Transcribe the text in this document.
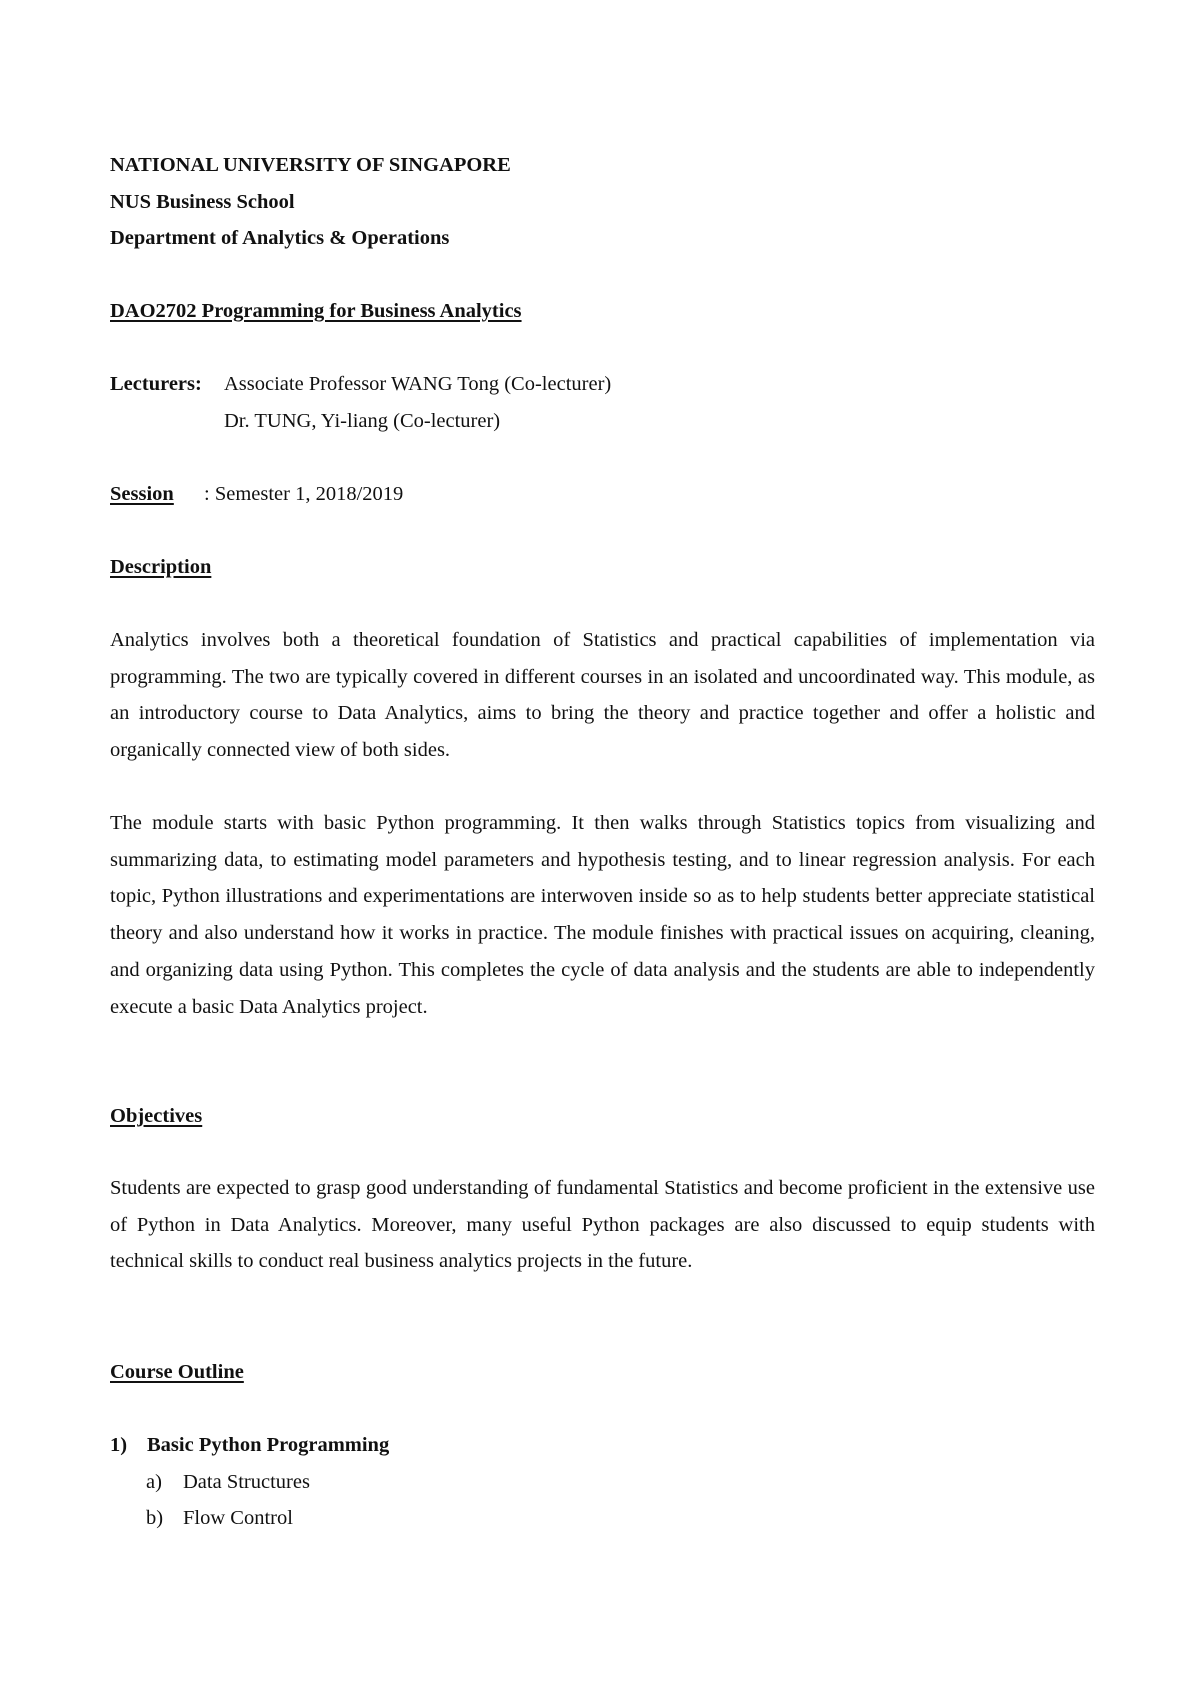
NATIONAL UNIVERSITY OF SINGAPORE
NUS Business School
Department of Analytics & Operations
DAO2702 Programming for Business Analytics
Lecturers: Associate Professor WANG Tong (Co-lecturer)
Dr. TUNG, Yi-liang (Co-lecturer)
Session : Semester 1, 2018/2019
Description
Analytics involves both a theoretical foundation of Statistics and practical capabilities of implementation via programming. The two are typically covered in different courses in an isolated and uncoordinated way. This module, as an introductory course to Data Analytics, aims to bring the theory and practice together and offer a holistic and organically connected view of both sides.
The module starts with basic Python programming. It then walks through Statistics topics from visualizing and summarizing data, to estimating model parameters and hypothesis testing, and to linear regression analysis. For each topic, Python illustrations and experimentations are interwoven inside so as to help students better appreciate statistical theory and also understand how it works in practice. The module finishes with practical issues on acquiring, cleaning, and organizing data using Python. This completes the cycle of data analysis and the students are able to independently execute a basic Data Analytics project.
Objectives
Students are expected to grasp good understanding of fundamental Statistics and become proficient in the extensive use of Python in Data Analytics. Moreover, many useful Python packages are also discussed to equip students with technical skills to conduct real business analytics projects in the future.
Course Outline
1) Basic Python Programming
a) Data Structures
b) Flow Control
